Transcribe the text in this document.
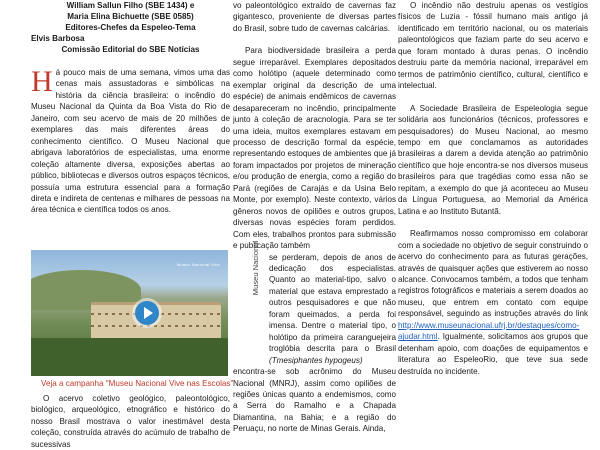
William Sallun Filho (SBE 1434) e

Maria Elina Bichuette (SBE 0585)

Editores-Chefes da Espeleo-Tema

Elvis Barbosa

Comissão Editorial do SBE Notícias

Há pouco mais de uma semana, vimos uma das cenas mais assustadoras e simbólicas na história da ciência brasileira: o incêndio do Museu Nacional da Quinta da Boa Vista do Rio de Janeiro, com seu acervo de mais de 20 milhões de exemplares das mais diferentes áreas do conhecimento científico. O Museu Nacional que abrigava laboratórios de especialistas, uma enorme coleção altamente diversa, exposições abertas ao público, bibliotecas e diversos outros espaços técnicos, possuía uma estrutura essencial para a formação direta e indireta de centenas e milhares de pessoas na área técnica e científica todos os anos.

Museu Nacional Vive
Veja a campanha "Museu Nacional Vive nas Escolas"

O acervo coletivo geológico, paleontológico, biológico, arqueológico, etnográfico e histórico do nosso Brasil mostrava o valor inestimável desta coleção, construída através do acúmulo de trabalho de sucessivas

vo paleontológico extraído de cavernas faz gigantesco, proveniente de diversas partes do Brasil, sobre tudo de cavernas calcárias.

Para biodiversidade brasileira a perda segue irreparável. Exemplares depositados como holótipo (aquele determinado como exemplar original da descrição de uma espécie) de animais endêmicos de cavernas desapareceram no incêndio, principalmente junto à coleção de aracnologia. Para se ter uma ideia, muitos exemplares estavam em processo de descrição formal da espécie, representando estoques de ambientes que já foram impactados por projetos de mineração e/ou produção de energia, como a região do Pará (regiões de Carajás e da Usina Belo Monte, por exemplo). Neste contexto, vários gêneros novos de opiliões e outros grupos, diversas novas espécies foram perdidos. Com eles, trabalhos prontos para submissão e publicação também

se perderam, depois de anos de dedicação dos especialistas. Quanto ao material-tipo, salvo o material que estava emprestado a outros pesquisadores e que não foram queimados, a perda foi imensa. Dentre o material tipo, o holótipo da primeira caranguejeira troglóbia descrita para o Brasil (Tmesiphantes hypogeus)

encontra-se sob acrônimo do Museu Nacional (MNRJ), assim como opiliões de regiões únicas quanto a endemismos, como a Serra do Ramalho e a Chapada Diamantina, na Bahia; e a região do Peruaçu, no norte de Minas Gerais. Ainda,

Museu Nacional

O incêndio não destruiu apenas os vestígios físicos de Luzia - fóssil humano mais antigo já identificado em território nacional, ou os materiais paleontológicos que faziam parte do seu acervo e que foram montado à duras penas. O incêndio destruiu parte da memória nacional, irreparável em termos de patrimônio científico, cultural, científico e intelectual.

A Sociedade Brasileira de Espeleologia segue solidária aos funcionários (técnicos, professores e pesquisadores) do Museu Nacional, ao mesmo tempo em que conclamamos as autoridades brasileiras a darem a devida atenção ao patrimônio científico que hoje encontra-se nos diversos museus brasileiros para que tragédias como essa não se repitam, a exemplo do que já aconteceu ao Museu da Língua Portuguesa, ao Memorial da América Latina e ao Instituto Butantã.

Reafirmamos nosso compromisso em colaborar com a sociedade no objetivo de seguir construindo o acervo do conhecimento para as futuras gerações, através de quaisquer ações que estiverem ao nosso alcance. Convocamos também, a todos que tenham registros fotográficos e materiais a serem doados ao museu, que entrem em contato com equipe responsável, seguindo as instruções através do link http://www.museunacional.ufrj.br/destaques/como-ajudar.html. Igualmente, solicitamos aos grupos que detenham apoio, com doações de equipamentos e literatura ao EspeleoRio, que teve sua sede destruída no incidente.
